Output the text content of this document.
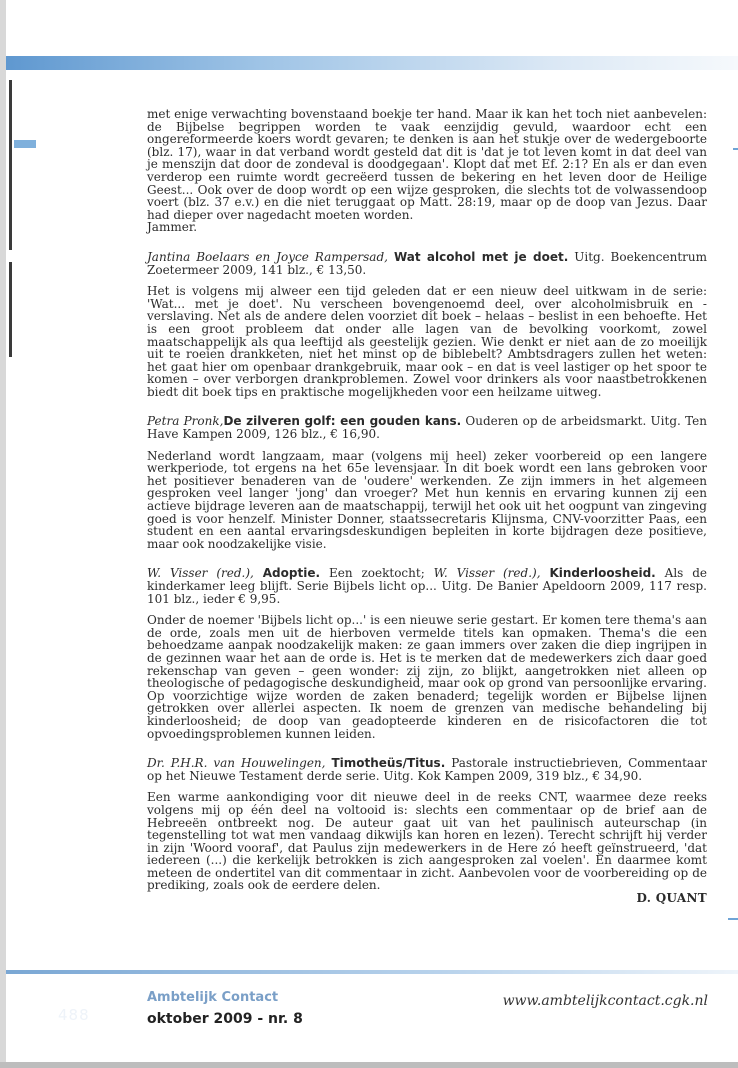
met enige verwachting bovenstaand boekje ter hand. Maar ik kan het toch niet aanbevelen: de Bijbelse begrippen worden te vaak eenzijdig gevuld, waardoor echt een ongereformeerde koers wordt gevaren; te denken is aan het stukje over de wedergeboorte (blz. 17), waar in dat verband wordt gesteld dat dit is 'dat je tot leven komt in dat deel van je menszijn dat door de zondeval is doodgegaan'. Klopt dat met Ef. 2:1? En als er dan even verderop een ruimte wordt gecreëerd tussen de bekering en het leven door de Heilige Geest... Ook over de doop wordt op een wijze gesproken, die slechts tot de volwassendoop voert (blz. 37 e.v.) en die niet teruggaat op Matt. 28:19, maar op de doop van Jezus. Daar had dieper over nagedacht moeten worden.

Jammer.

Jantina Boelaars en Joyce Rampersad, Wat alcohol met je doet. Uitg. Boekencentrum Zoetermeer 2009, 141 blz., € 13,50.

Het is volgens mij alweer een tijd geleden dat er een nieuw deel uitkwam in de serie: 'Wat... met je doet'. Nu verscheen bovengenoemd deel, over alcoholmisbruik en -verslaving. Net als de andere delen voorziet dit boek – helaas – beslist in een behoefte. Het is een groot probleem dat onder alle lagen van de bevolking voorkomt, zowel maatschappelijk als qua leeftijd als geestelijk gezien. Wie denkt er niet aan de zo moeilijk uit te roeien drankketen, niet het minst op de biblebelt? Ambtsdragers zullen het weten: het gaat hier om openbaar drankgebruik, maar ook – en dat is veel lastiger op het spoor te komen – over verborgen drankproblemen. Zowel voor drinkers als voor naastbetrokkenen biedt dit boek tips en praktische mogelijkheden voor een heilzame uitweg.

Petra Pronk,De zilveren golf: een gouden kans. Ouderen op de arbeidsmarkt. Uitg. Ten Have Kampen 2009, 126 blz., € 16,90.

Nederland wordt langzaam, maar (volgens mij heel) zeker voorbereid op een langere werkperiode, tot ergens na het 65e levensjaar. In dit boek wordt een lans gebroken voor het positiever benaderen van de 'oudere' werkenden. Ze zijn immers in het algemeen gesproken veel langer 'jong' dan vroeger? Met hun kennis en ervaring kunnen zij een actieve bijdrage leveren aan de maatschappij, terwijl het ook uit het oogpunt van zingeving goed is voor henzelf. Minister Donner, staatssecretaris Klijnsma, CNV-voorzitter Paas, een student en een aantal ervaringsdeskundigen bepleiten in korte bijdragen deze positieve, maar ook noodzakelijke visie.

W. Visser (red.), Adoptie. Een zoektocht; W. Visser (red.), Kinderloosheid. Als de kinderkamer leeg blijft. Serie Bijbels licht op... Uitg. De Banier Apeldoorn 2009, 117 resp. 101 blz., ieder € 9,95.

Onder de noemer 'Bijbels licht op...' is een nieuwe serie gestart. Er komen tere thema's aan de orde, zoals men uit de hierboven vermelde titels kan opmaken. Thema's die een behoedzame aanpak noodzakelijk maken: ze gaan immers over zaken die diep ingrijpen in de gezinnen waar het aan de orde is. Het is te merken dat de medewerkers zich daar goed rekenschap van geven – geen wonder: zij zijn, zo blijkt, aangetrokken niet alleen op theologische of pedagogische deskundigheid, maar ook op grond van persoonlijke ervaring. Op voorzichtige wijze worden de zaken benaderd; tegelijk worden er Bijbelse lijnen getrokken over allerlei aspecten. Ik noem de grenzen van medische behandeling bij kinderloosheid; de doop van geadopteerde kinderen en de risicofactoren die tot opvoedingsproblemen kunnen leiden.

Dr. P.H.R. van Houwelingen, Timotheüs/Titus. Pastorale instructiebrieven, Commentaar op het Nieuwe Testament derde serie. Uitg. Kok Kampen 2009, 319 blz., € 34,90.

Een warme aankondiging voor dit nieuwe deel in de reeks CNT, waarmee deze reeks volgens mij op één deel na voltooid is: slechts een commentaar op de brief aan de Hebreeën ontbreekt nog. De auteur gaat uit van het paulinisch auteurschap (in tegenstelling tot wat men vandaag dikwijls kan horen en lezen). Terecht schrijft hij verder in zijn 'Woord vooraf', dat Paulus zijn medewerkers in de Here zó heeft geïnstrueerd, 'dat iedereen (...) die kerkelijk betrokken is zich aangesproken zal voelen'. En daarmee komt meteen de ondertitel van dit commentaar in zicht. Aanbevolen voor de voorbereiding op de prediking, zoals ook de eerdere delen.

D. QUANT

488
Ambtelijk Contact
oktober 2009 - nr. 8
www.ambtelijkcontact.cgk.nl
